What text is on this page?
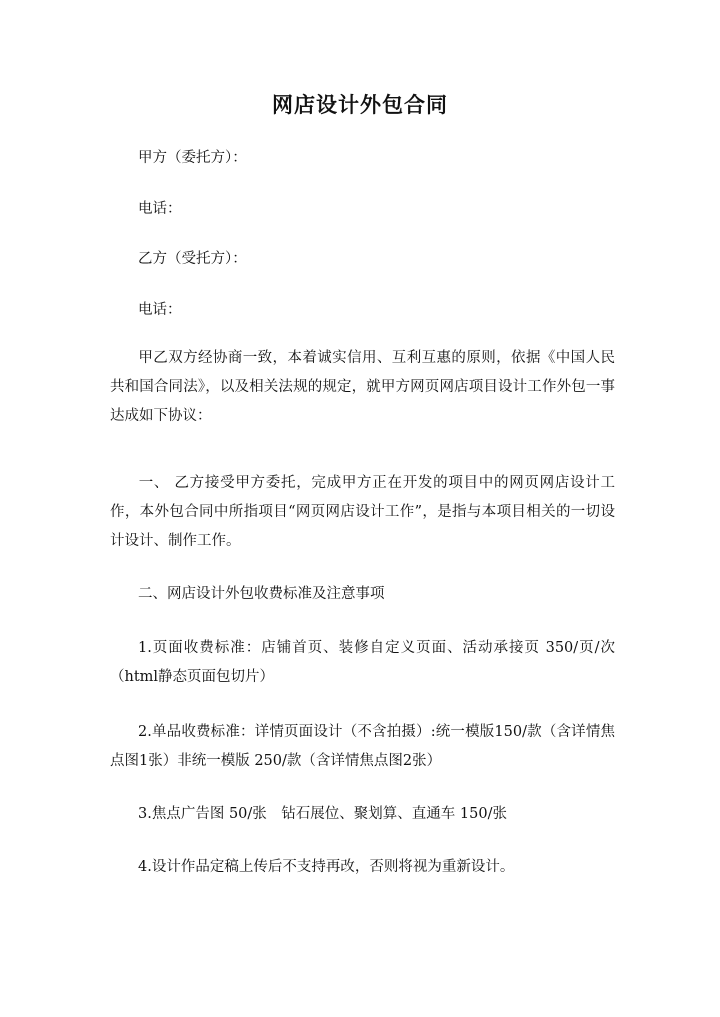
网店设计外包合同
甲方（委托方）：
电话：
乙方（受托方）：
电话：
甲乙双方经协商一致，本着诚实信用、互利互惠的原则，依据《中国人民共和国合同法》，以及相关法规的规定，就甲方网页网店项目设计工作外包一事达成如下协议：
一、 乙方接受甲方委托，完成甲方正在开发的项目中的网页网店设计工作，本外包合同中所指项目“网页网店设计工作”，是指与本项目相关的一切设计设计、制作工作。
二、网店设计外包收费标准及注意事项
1.页面收费标准：店铺首页、装修自定义页面、活动承接页 350/页/次（html静态页面包切片）
2.单品收费标准：详情页面设计（不含拍摄）:统一模版150/款（含详情焦点图1张）非统一模版 250/款（含详情焦点图2张）
3.焦点广告图 50/张　钻石展位、聚划算、直通车 150/张
4.设计作品定稿上传后不支持再改，否则将视为重新设计。
